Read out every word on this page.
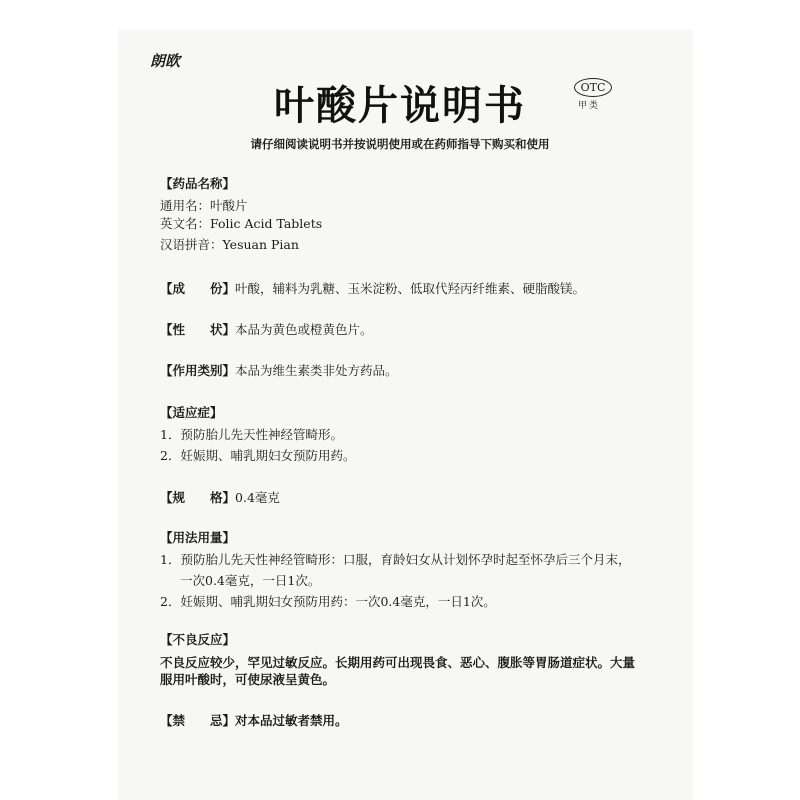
朗欧
叶酸片说明书	OTC
甲类
请仔细阅读说明书并按说明使用或在药师指导下购买和使用
【药品名称】
通用名：叶酸片
英文名：Folic Acid Tablets
汉语拼音：Yesuan Pian
【成　　份】叶酸，辅料为乳糖、玉米淀粉、低取代羟丙纤维素、硬脂酸镁。
【性　　状】本品为黄色或橙黄色片。
【作用类别】本品为维生素类非处方药品。
【适应症】
1．预防胎儿先天性神经管畸形。
2．妊娠期、哺乳期妇女预防用药。
【规　　格】0.4毫克
【用法用量】
1．预防胎儿先天性神经管畸形：口服，育龄妇女从计划怀孕时起至怀孕后三个月末，
一次0.4毫克，一日1次。
2．妊娠期、哺乳期妇女预防用药：一次0.4毫克，一日1次。
【不良反应】
不良反应较少，罕见过敏反应。长期用药可出现畏食、恶心、腹胀等胃肠道症状。大量
服用叶酸时，可使尿液呈黄色。
【禁　　忌】对本品过敏者禁用。
